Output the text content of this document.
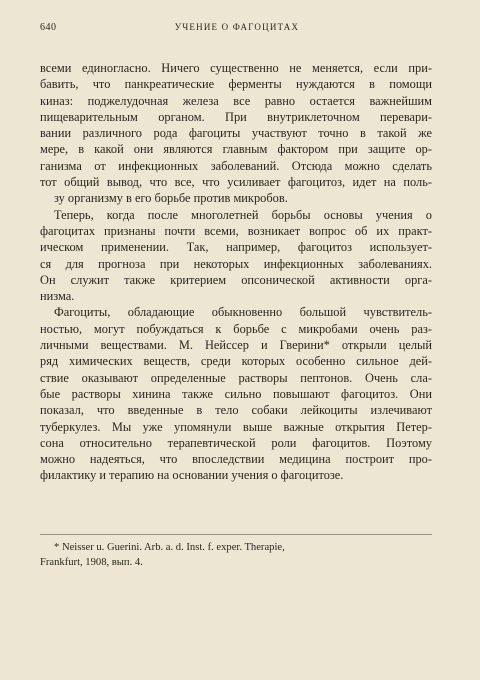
640	УЧЕНИЕ О ФАГОЦИТАХ
всеми единогласно. Ничего существенно не меняется, если при-
бавить, что панкреатические ферменты нуждаются в помощи
киназ: поджелудочная железа все равно остается важнейшим
пищеварительным органом. При внутриклеточном перевари-
вании различного рода фагоциты участвуют точно в такой же
мере, в какой они являются главным фактором при защите ор-
ганизма от инфекционных заболеваний. Отсюда можно сделать
тот общий вывод, что все, что усиливает фагоцитоз, идет на поль-
зу организму в его борьбе против микробов.
Теперь, когда после многолетней борьбы основы учения о
фагоцитах признаны почти всеми, возникает вопрос об их практ-
ическом применении. Так, например, фагоцитоз использует-
ся для прогноза при некоторых инфекционных заболеваниях.
Он служит также критерием опсонической активности орга-
низма.
Фагоциты, обладающие обыкновенно большой чувствитель-
ностью, могут побуждаться к борьбе с микробами очень раз-
личными веществами. М. Нейссер и Гверини* открыли целый
ряд химических веществ, среди которых особенно сильное дей-
ствие оказывают определенные растворы пептонов. Очень сла-
бые растворы хинина также сильно повышают фагоцитоз. Они
показал, что введенные в тело собаки лейкоциты излечивают
туберкулез. Мы уже упомянули выше важные открытия Петер-
сона относительно терапевтической роли фагоцитов. Поэтому
можно надеяться, что впоследствии медицина построит про-
филактику и терапию на основании учения о фагоцитозе.
* Neisser u. Guerini. Arb. a. d. Inst. f. exper. Therapie,
Frankfurt, 1908, вып. 4.
